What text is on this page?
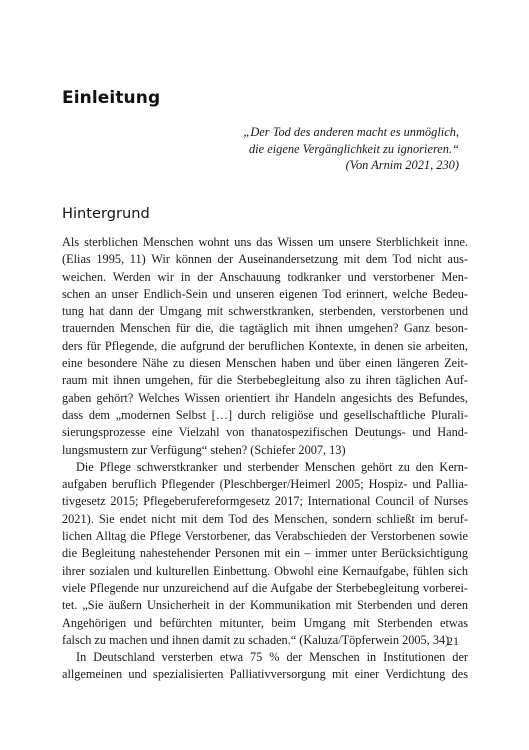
Einleitung
„Der Tod des anderen macht es unmöglich,
die eigene Vergänglichkeit zu ignorieren.“
(Von Arnim 2021, 230)
Hintergrund
Als sterblichen Menschen wohnt uns das Wissen um unsere Sterblichkeit inne.
(Elias 1995, 11) Wir können der Auseinandersetzung mit dem Tod nicht aus-
weichen. Werden wir in der Anschauung todkranker und verstorbener Men-
schen an unser Endlich-Sein und unseren eigenen Tod erinnert, welche Bedeu-
tung hat dann der Umgang mit schwerstkranken, sterbenden, verstorbenen und
trauernden Menschen für die, die tagtäglich mit ihnen umgehen? Ganz beson-
ders für Pflegende, die aufgrund der beruflichen Kontexte, in denen sie arbeiten,
eine besondere Nähe zu diesen Menschen haben und über einen längeren Zeit-
raum mit ihnen umgehen, für die Sterbebegleitung also zu ihren täglichen Auf-
gaben gehört? Welches Wissen orientiert ihr Handeln angesichts des Befundes,
dass dem „modernen Selbst […] durch religiöse und gesellschaftliche Plurali-
sierungsprozesse eine Vielzahl von thanatospezifischen Deutungs- und Hand-
lungsmustern zur Verfügung“ stehen? (Schiefer 2007, 13)
Die Pflege schwerstkranker und sterbender Menschen gehört zu den Kern-
aufgaben beruflich Pflegender (Pleschberger/Heimerl 2005; Hospiz- und Pallia-
tivgesetz 2015; Pflegeberufereformgesetz 2017; International Council of Nurses
2021). Sie endet nicht mit dem Tod des Menschen, sondern schließt im beruf-
lichen Alltag die Pflege Verstorbener, das Verabschieden der Verstorbenen sowie
die Begleitung nahestehender Personen mit ein – immer unter Berücksichtigung
ihrer sozialen und kulturellen Einbettung. Obwohl eine Kernaufgabe, fühlen sich
viele Pflegende nur unzureichend auf die Aufgabe der Sterbebegleitung vorberei-
tet. „Sie äußern Unsicherheit in der Kommunikation mit Sterbenden und deren
Angehörigen und befürchten mitunter, beim Umgang mit Sterbenden etwas
falsch zu machen und ihnen damit zu schaden.“ (Kaluza/Töpferwein 2005, 34)
In Deutschland versterben etwa 75 % der Menschen in Institutionen der
allgemeinen und spezialisierten Palliativversorgung mit einer Verdichtung des
21
